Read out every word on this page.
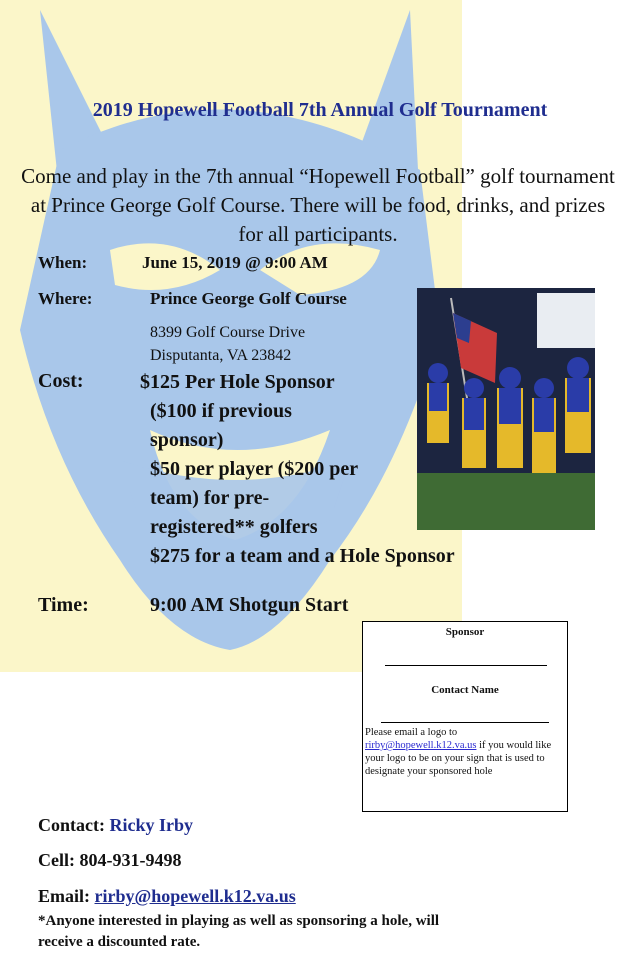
2019 Hopewell Football 7th Annual Golf Tournament
Come and play in the 7th annual “Hopewell Football” golf tournament at Prince George Golf Course. There will be food, drinks, and prizes for all participants.
When:	June 15, 2019 @ 9:00 AM
Where:	Prince George Golf Course
8399 Golf Course Drive
Disputanta, VA 23842
Cost:	$125 Per Hole Sponsor
($100 if previous
sponsor)
$50 per player ($200 per
team) for pre-
registered** golfers
$275 for a team and a Hole Sponsor
Time:	9:00 AM Shotgun Start
Sponsor
Contact Name
Please email a logo to
rirby@hopewell.k12.va.us if you would like your logo to be on your sign that is used to designate your sponsored hole
Contact: Ricky Irby
Cell: 804-931-9498
Email: rirby@hopewell.k12.va.us
*Anyone interested in playing as well as sponsoring a hole, will receive a discounted rate.
